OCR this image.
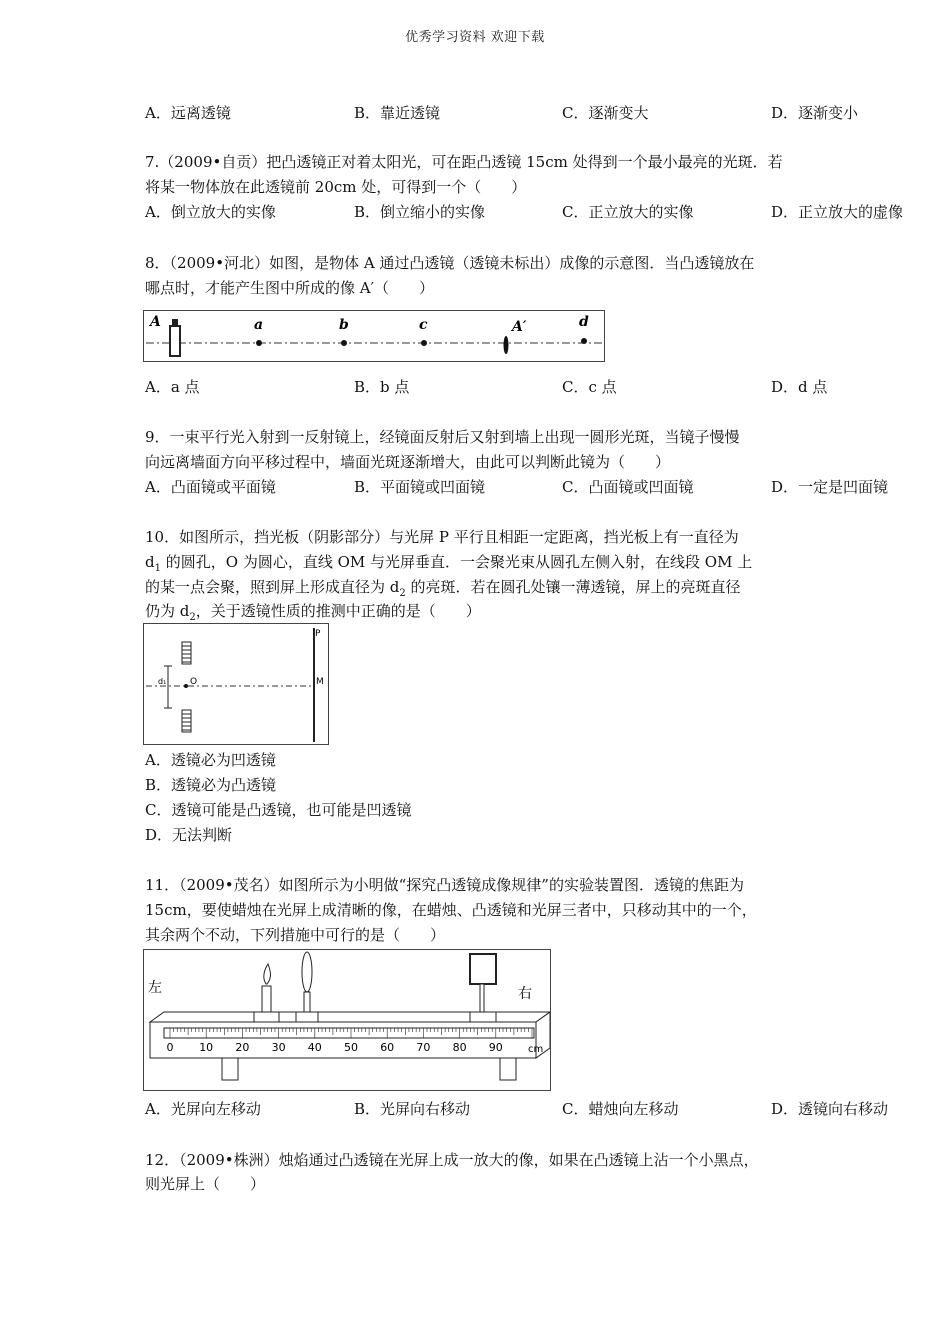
优秀学习资料 欢迎下载
A．远离透镜	B．靠近透镜	C．逐渐变大	D．逐渐变小
7.（2009•自贡）把凸透镜正对着太阳光，可在距凸透镜 15cm 处得到一个最小最亮的光斑．若
将某一物体放在此透镜前 20cm 处，可得到一个（　　）
A．倒立放大的实像	B．倒立缩小的实像	C．正立放大的实像	D．正立放大的虚像
8．（2009•河北）如图，是物体 A 通过凸透镜（透镜未标出）成像的示意图．当凸透镜放在
哪点时，才能产生图中所成的像 A′（　　）
A	a	b	c	A′	d
A．a 点	B．b 点	C．c 点	D．d 点
9．一束平行光入射到一反射镜上，经镜面反射后又射到墙上出现一圆形光斑，当镜子慢慢
向远离墙面方向平移过程中，墙面光斑逐渐增大，由此可以判断此镜为（　　）
A．凸面镜或平面镜	B．平面镜或凹面镜	C．凸面镜或凹面镜	D．一定是凹面镜
10．如图所示，挡光板（阴影部分）与光屏 P 平行且相距一定距离，挡光板上有一直径为
$d_1$ 的圆孔，O 为圆心，直线 OM 与光屏垂直．一会聚光束从圆孔左侧入射，在线段 OM 上
的某一点会聚，照到屏上形成直径为 $d_2$ 的亮斑．若在圆孔处镶一薄透镜，屏上的亮斑直径
仍为 $d_2$，关于透镜性质的推测中正确的是（　　）
P
d₁	O	M
A．透镜必为凹透镜
B．透镜必为凸透镜
C．透镜可能是凸透镜，也可能是凹透镜
D．无法判断
11．（2009•茂名）如图所示为小明做“探究凸透镜成像规律”的实验装置图．透镜的焦距为
15cm，要使蜡烛在光屏上成清晰的像，在蜡烛、凸透镜和光屏三者中，只移动其中的一个，
其余两个不动，下列措施中可行的是（　　）
0 10 20 30 40 50 60 70 80 90	cm
左	右
A．光屏向左移动	B．光屏向右移动	C．蜡烛向左移动	D．透镜向右移动
12．（2009•株洲）烛焰通过凸透镜在光屏上成一放大的像，如果在凸透镜上沾一个小黑点，
则光屏上（　　）
